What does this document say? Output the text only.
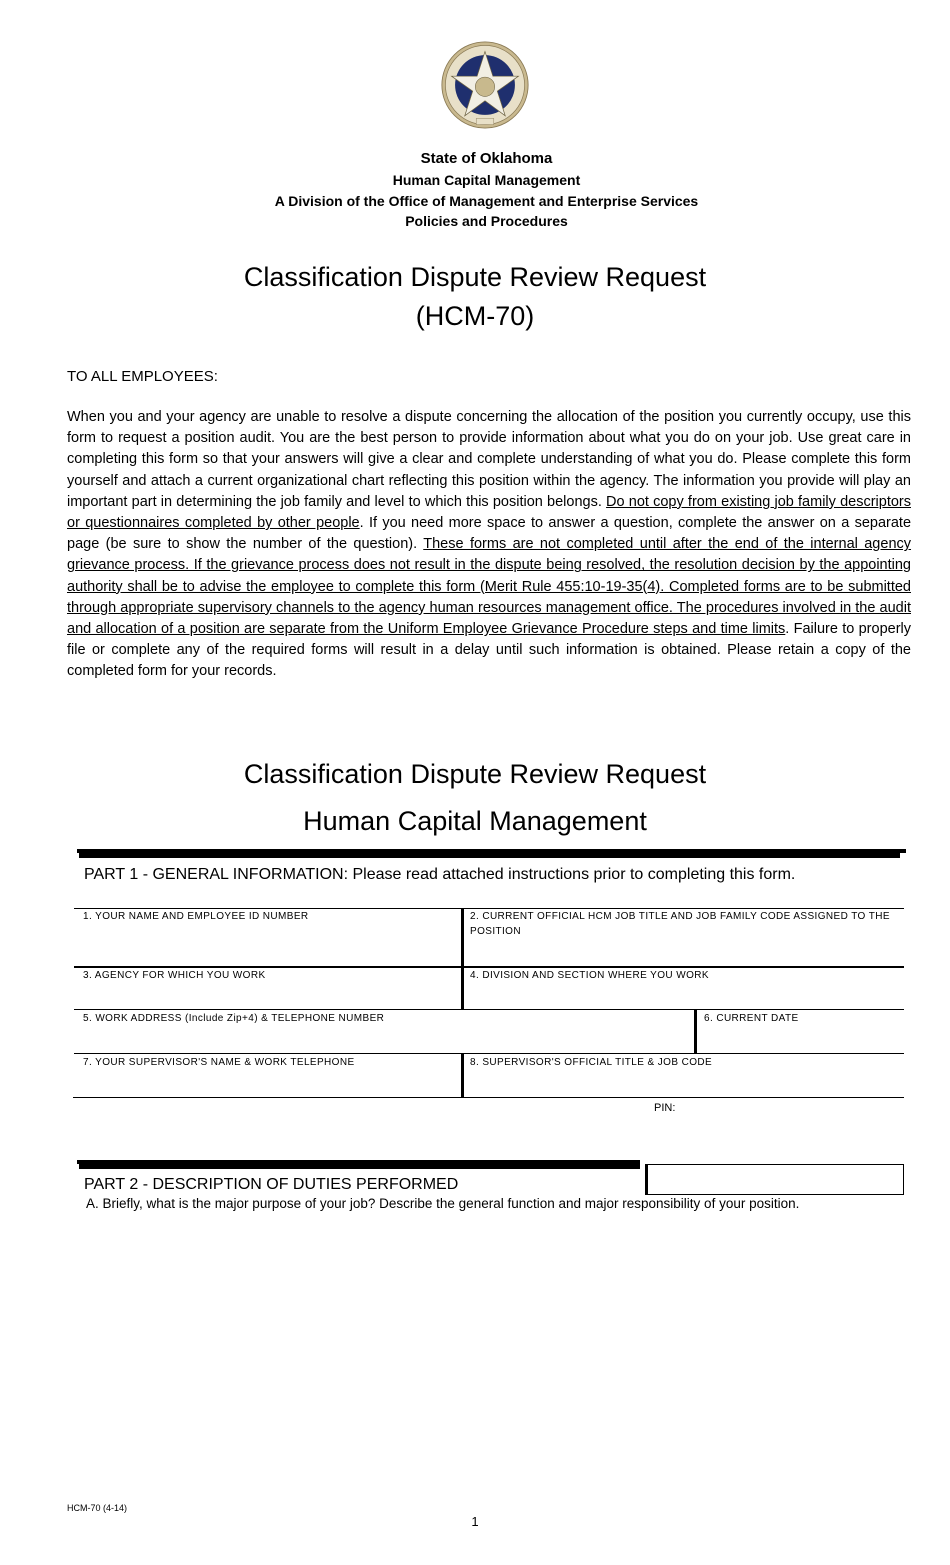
State of Oklahoma
Human Capital Management
A Division of the Office of Management and Enterprise Services
Policies and Procedures
Classification Dispute Review Request
(HCM-70)
TO ALL EMPLOYEES:
When you and your agency are unable to resolve a dispute concerning the allocation of the position you currently occupy, use this form to request a position audit. You are the best person to provide information about what you do on your job. Use great care in completing this form so that your answers will give a clear and complete understanding of what you do. Please complete this form yourself and attach a current organizational chart reflecting this position within the agency. The information you provide will play an important part in determining the job family and level to which this position belongs. Do not copy from existing job family descriptors or questionnaires completed by other people. If you need more space to answer a question, complete the answer on a separate page (be sure to show the number of the question). These forms are not completed until after the end of the internal agency grievance process. If the grievance process does not result in the dispute being resolved, the resolution decision by the appointing authority shall be to advise the employee to complete this form (Merit Rule 455:10-19-35(4). Completed forms are to be submitted through appropriate supervisory channels to the agency human resources management office. The procedures involved in the audit and allocation of a position are separate from the Uniform Employee Grievance Procedure steps and time limits. Failure to properly file or complete any of the required forms will result in a delay until such information is obtained. Please retain a copy of the completed form for your records.
Classification Dispute Review Request
Human Capital Management
PART 1 - GENERAL INFORMATION: Please read attached instructions prior to completing this form.
1. YOUR NAME AND EMPLOYEE ID NUMBER	2. CURRENT OFFICIAL HCM JOB TITLE AND JOB FAMILY CODE ASSIGNED TO THE POSITION
3. AGENCY FOR WHICH YOU WORK	4. DIVISION AND SECTION WHERE YOU WORK
5. WORK ADDRESS (Include Zip+4) & TELEPHONE NUMBER	6. CURRENT DATE
7. YOUR SUPERVISOR'S NAME & WORK TELEPHONE	8. SUPERVISOR'S OFFICIAL TITLE & JOB CODE
PIN:
PART 2 - DESCRIPTION OF DUTIES PERFORMED
A. Briefly, what is the major purpose of your job? Describe the general function and major responsibility of your position.
HCM-70 (4-14)
1
